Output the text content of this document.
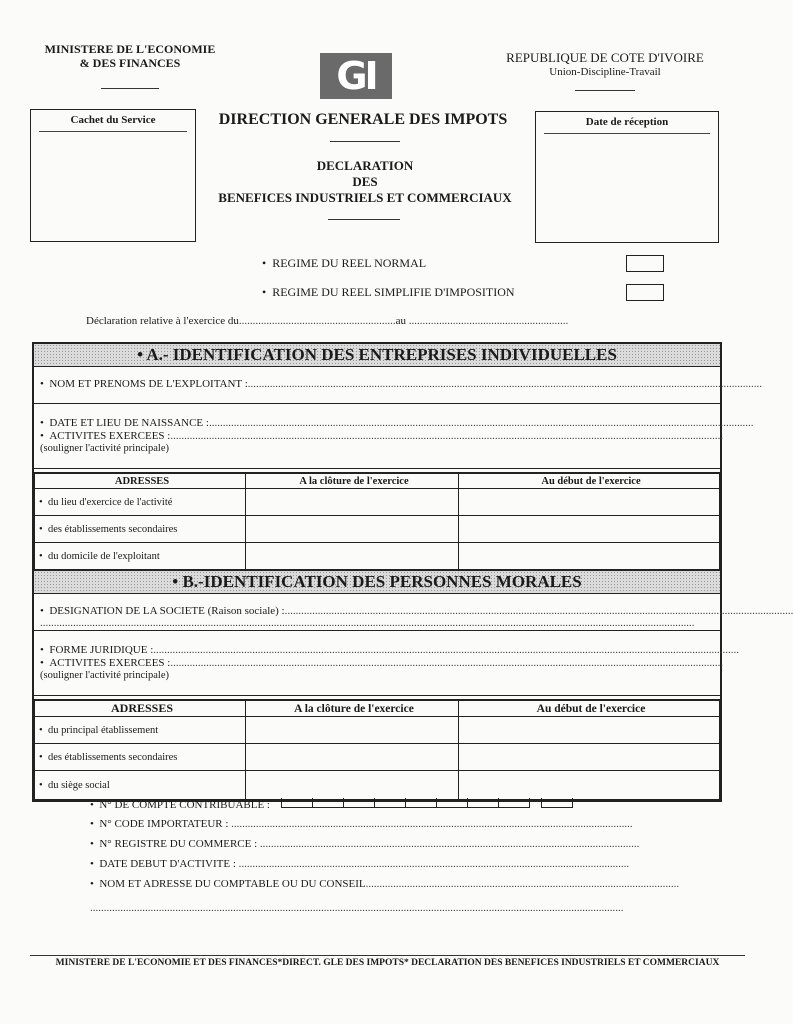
MINISTERE DE L'ECONOMIE
& DES FINANCES	GI	REPUBLIQUE DE COTE D'IVOIRE
Union-Discipline-Travail
Cachet du Service	DIRECTION GENERALE DES IMPOTS
DECLARATION
DES
BENEFICES INDUSTRIELS ET COMMERCIAUX
Date de réception
•  REGIME DU REEL NORMAL
•  REGIME DU REEL SIMPLIFIE D'IMPOSITION
Déclaration relative à l'exercice du.........................................................au ..........................................................
• A.- IDENTIFICATION DES ENTREPRISES INDIVIDUELLES
•  NOM ET PRENOMS DE L'EXPLOITANT :...........................................................................................................................................................................................
•  DATE ET LIEU DE NAISSANCE :......................................................................................................................................................................................................
•  ACTIVITES EXERCEES :.........................................................................................................................................................................................................
(souligner l'activité principale)
ADRESSES	A la clôture de l'exercice	Au début de l'exercice
•  du lieu d'exercice de l'activité		
•  des établissements secondaires		
•  du domicile de l'exploitant		
• B.-IDENTIFICATION DES PERSONNES MORALES
•  DESIGNATION DE LA SOCIETE (Raison sociale) :.........................................................................................................................................................................................
..............................................................................................................................................................................................................................................
•  FORME JURIDIQUE :.....................................................................................................................................................................................................................
•  ACTIVITES EXERCEES :.........................................................................................................................................................................................................
(souligner l'activité principale)
ADRESSES	A la clôture de l'exercice	Au début de l'exercice
•  du principal établissement		
•  des établissements secondaires		
•  du siège social		
•  N° DE COMPTE CONTRIBUABLE :
•  N° CODE IMPORTATEUR : ..................................................................................................................................................
•  N° REGISTRE DU COMMERCE : ..........................................................................................................................................
•  DATE DEBUT D'ACTIVITE : ..............................................................................................................................................
•  NOM ET ADRESSE DU COMPTABLE OU DU CONSEIL..................................................................................................................
..................................................................................................................................................................................................
MINISTERE DE L'ECONOMIE ET DES FINANCES*DIRECT. GLE DES IMPOTS* DECLARATION DES BENEFICES INDUSTRIELS ET COMMERCIAUX
